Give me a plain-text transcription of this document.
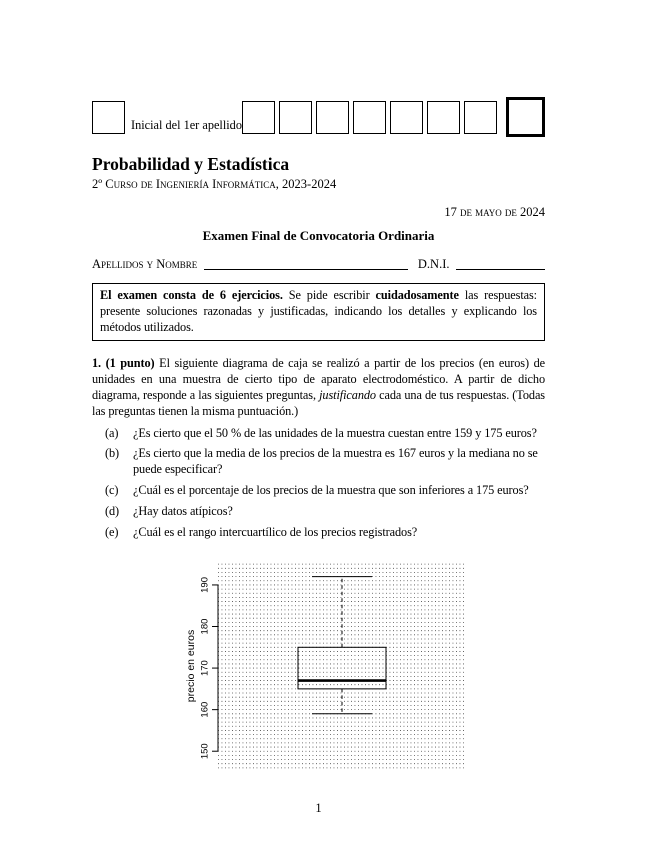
Inicial del 1er apellido
Probabilidad y Estadística
2º Curso de Ingeniería Informática, 2023-2024
17 de mayo de 2024
Examen Final de Convocatoria Ordinaria
Apellidos y Nombre	D.N.I.
El examen consta de 6 ejercicios. Se pide escribir cuidadosamente las respuestas: presente soluciones razonadas y justificadas, indicando los detalles y explicando los métodos utilizados.
1. (1 punto) El siguiente diagrama de caja se realizó a partir de los precios (en euros) de unidades en una muestra de cierto tipo de aparato electrodoméstico. A partir de dicho diagrama, responde a las siguientes preguntas, justificando cada una de tus respuestas. (Todas las preguntas tienen la misma puntuación.)
(a)	¿Es cierto que el 50 % de las unidades de la muestra cuestan entre 159 y 175 euros?
(b)	¿Es cierto que la media de los precios de la muestra es 167 euros y la mediana no se puede especificar?
(c)	¿Cuál es el porcentaje de los precios de la muestra que son inferiores a 175 euros?
(d)	¿Hay datos atípicos?
(e)	¿Cuál es el rango intercuartílico de los precios registrados?
150
160
170
180
190
precio en euros
1
